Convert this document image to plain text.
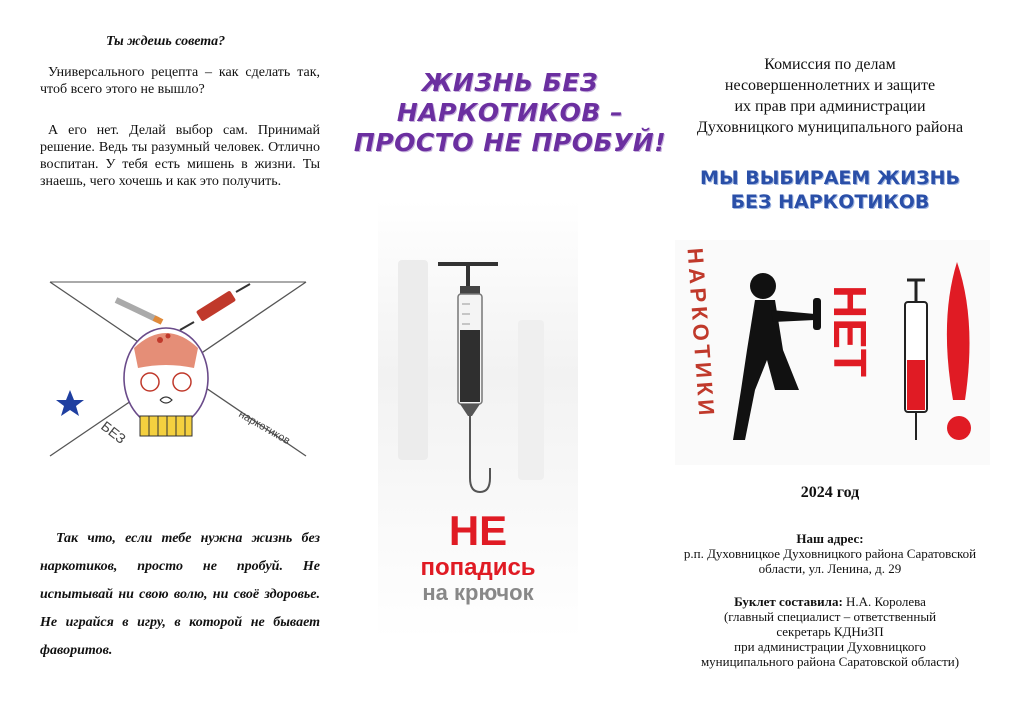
Ты ждешь совета?
Универсального рецепта – как сделать так, чтоб всего этого не вышло?
А его нет. Делай выбор сам. Принимай решение. Ведь ты разумный человек. Отлично воспитан. У тебя есть мишень в жизни. Ты знаешь, чего хочешь и как это получить.
БЕЗ	наркотиков
Так что, если тебе нужна жизнь без наркотиков, просто не пробуй. Не испытывай ни свою волю, ни своё здоровье. Не играйся в игру, в которой не бывает фаворитов.
ЖИЗНЬ БЕЗ
НАРКОТИКОВ –
ПРОСТО НЕ ПРОБУЙ!
НЕ
попадись
на крючок
Комиссия по делам
несовершеннолетних и защите
их прав при администрации
Духовницкого муниципального района
МЫ ВЫБИРАЕМ ЖИЗНЬ
БЕЗ НАРКОТИКОВ
НАРКОТИКИ НЕТ
2024 год
Наш адрес:
р.п. Духовницкое Духовницкого района Саратовской
области, ул. Ленина, д. 29
Буклет составила: Н.А. Королева
(главный специалист – ответственный
секретарь КДНиЗП
при администрации Духовницкого
муниципального района Саратовской области)
